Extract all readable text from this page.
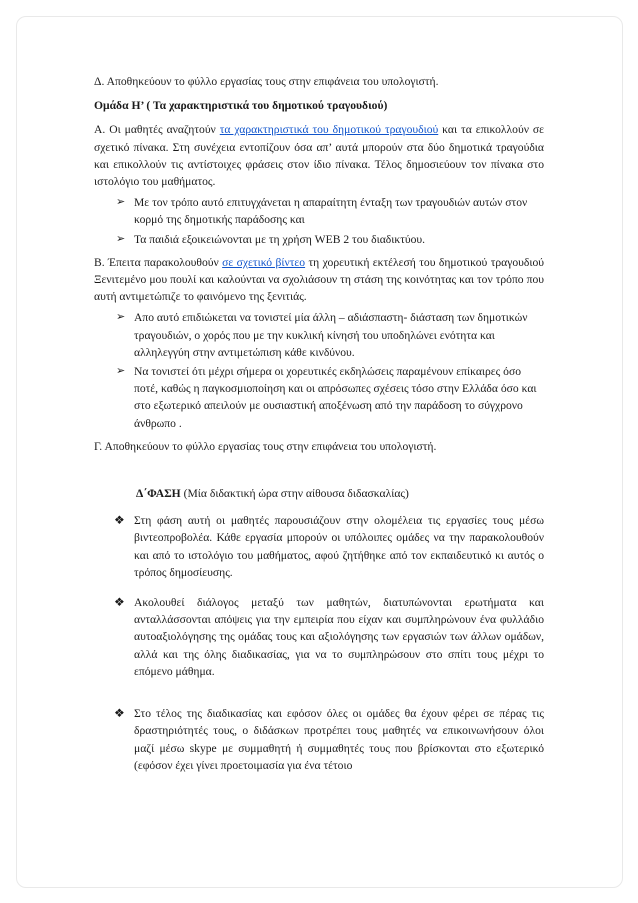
Δ. Αποθηκεύουν το φύλλο εργασίας τους στην επιφάνεια του υπολογιστή.

Ομάδα Η’ ( Τα χαρακτηριστικά του δημοτικού τραγουδιού)

Α. Οι μαθητές αναζητούν τα χαρακτηριστικά του δημοτικού τραγουδιού και τα επικολλούν σε σχετικό πίνακα. Στη συνέχεια εντοπίζουν όσα απ’ αυτά μπορούν στα δύο δημοτικά τραγούδια και επικολλούν τις αντίστοιχες φράσεις στον ίδιο πίνακα. Τέλος δημοσιεύουν τον πίνακα στο ιστολόγιο του μαθήματος.

➢ Με τον τρόπο αυτό επιτυγχάνεται η απαραίτητη ένταξη των τραγουδιών αυτών στον κορμό της δημοτικής παράδοσης και
➢ Τα παιδιά εξοικειώνονται με τη χρήση WEB 2 του διαδικτύου.

Β. Έπειτα παρακολουθούν σε σχετικό βίντεο τη χορευτική εκτέλεσή του δημοτικού τραγουδιού Ξενιτεμένο μου πουλί και καλούνται να σχολιάσουν τη στάση της κοινότητας και τον τρόπο που αυτή αντιμετώπιζε το φαινόμενο της ξενιτιάς.

➢ Απο αυτό επιδιώκεται να τονιστεί μία άλλη – αδιάσπαστη- διάσταση των δημοτικών τραγουδιών, ο χορός που με την κυκλική κίνησή του υποδηλώνει ενότητα και αλληλεγγύη στην αντιμετώπιση κάθε κινδύνου.
➢ Να τονιστεί ότι μέχρι σήμερα οι χορευτικές εκδηλώσεις παραμένουν επίκαιρες όσο ποτέ, καθώς η παγκοσμιοποίηση και οι απρόσωπες σχέσεις τόσο στην Ελλάδα όσο και στο εξωτερικό απειλούν με ουσιαστική αποξένωση από την παράδοση το σύγχρονο άνθρωπο .

Γ. Αποθηκεύουν το φύλλο εργασίας τους στην επιφάνεια του υπολογιστή.

Δ΄ΦΑΣΗ (Μία διδακτική ώρα στην αίθουσα διδασκαλίας)

❖ Στη φάση αυτή οι μαθητές παρουσιάζουν στην ολομέλεια τις εργασίες τους μέσω βιντεοπροβολέα. Κάθε εργασία μπορούν οι υπόλοιπες ομάδες να την παρακολουθούν και από το ιστολόγιο του μαθήματος, αφού ζητήθηκε από τον εκπαιδευτικό κι αυτός ο τρόπος δημοσίευσης.
❖ Ακολουθεί διάλογος μεταξύ των μαθητών, διατυπώνονται ερωτήματα και ανταλλάσσονται απόψεις για την εμπειρία που είχαν και συμπληρώνουν ένα φυλλάδιο αυτοαξιολόγησης της ομάδας τους και αξιολόγησης των εργασιών των άλλων ομάδων, αλλά και της όλης διαδικασίας, για να το συμπληρώσουν στο σπίτι τους μέχρι το επόμενο μάθημα.
❖ Στο τέλος της διαδικασίας και εφόσον όλες οι ομάδες θα έχουν φέρει σε πέρας τις δραστηριότητές τους, ο διδάσκων προτρέπει τους μαθητές να επικοινωνήσουν όλοι μαζί μέσω skype με συμμαθητή ή συμμαθητές τους που βρίσκονται στο εξωτερικό (εφόσον έχει γίνει προετοιμασία για ένα τέτοιο
